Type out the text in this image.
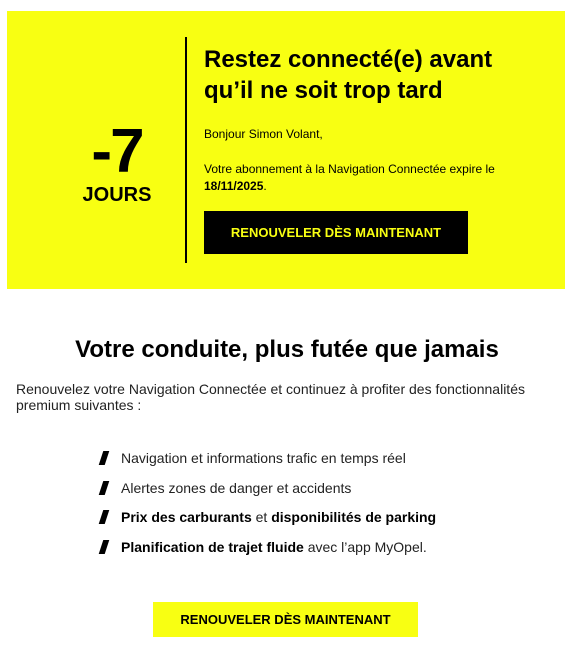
-7
JOURS
Restez connecté(e) avant qu’il ne soit trop tard
Bonjour Simon Volant,
Votre abonnement à la Navigation Connectée expire le
18/11/2025.
RENOUVELER DÈS MAINTENANT
Votre conduite, plus futée que jamais
Renouvelez votre Navigation Connectée et continuez à profiter des fonctionnalités premium suivantes :
Navigation et informations trafic en temps réel
Alertes zones de danger et accidents
Prix des carburants et disponibilités de parking
Planification de trajet fluide avec l’app MyOpel.
RENOUVELER DÈS MAINTENANT
